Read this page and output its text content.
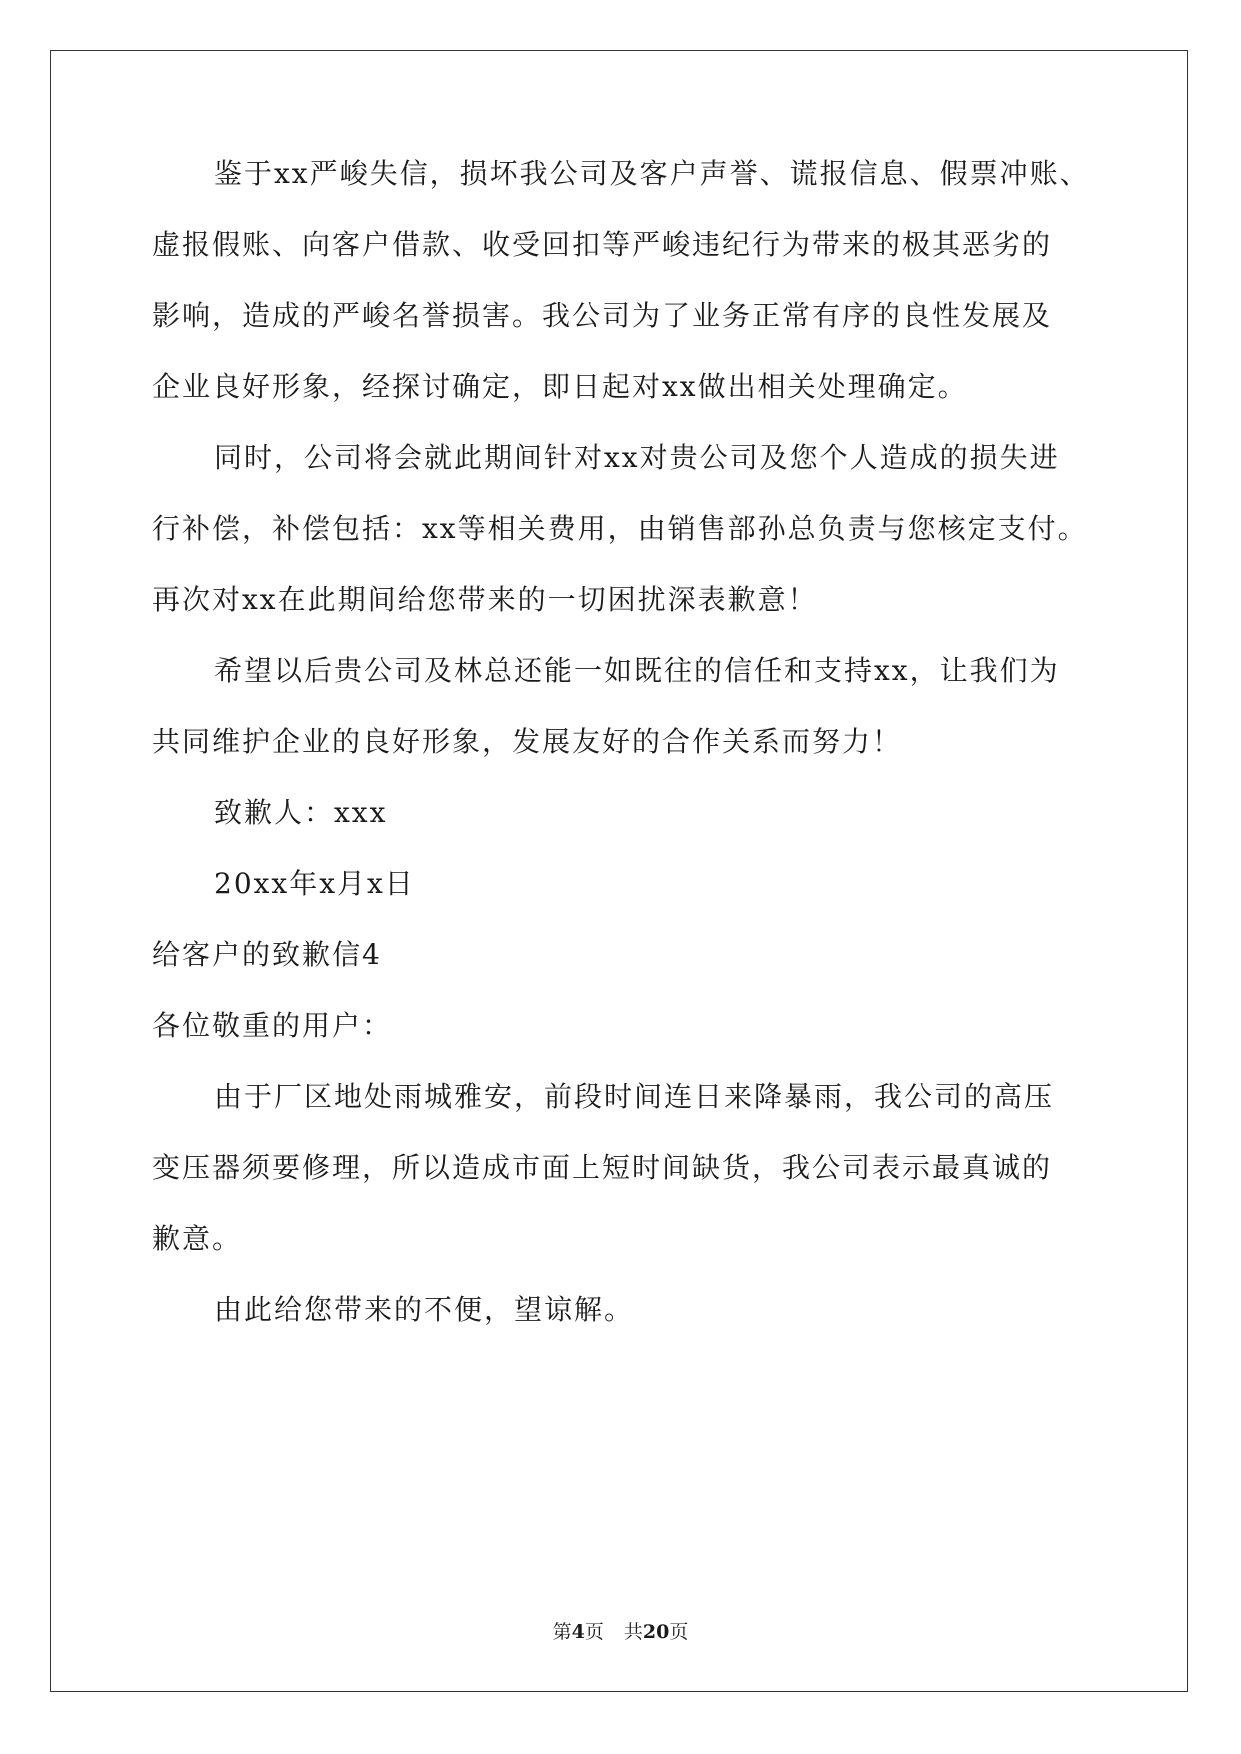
鉴于xx严峻失信，损坏我公司及客户声誉、谎报信息、假票冲账、
虚报假账、向客户借款、收受回扣等严峻违纪行为带来的极其恶劣的
影响，造成的严峻名誉损害。我公司为了业务正常有序的良性发展及
企业良好形象，经探讨确定，即日起对xx做出相关处理确定。
同时，公司将会就此期间针对xx对贵公司及您个人造成的损失进
行补偿，补偿包括：xx等相关费用，由销售部孙总负责与您核定支付。
再次对xx在此期间给您带来的一切困扰深表歉意！
希望以后贵公司及林总还能一如既往的信任和支持xx，让我们为
共同维护企业的良好形象，发展友好的合作关系而努力！
致歉人：xxx
20xx年x月x日
给客户的致歉信4
各位敬重的用户：
由于厂区地处雨城雅安，前段时间连日来降暴雨，我公司的高压
变压器须要修理，所以造成市面上短时间缺货，我公司表示最真诚的
歉意。
由此给您带来的不便，望谅解。
第4页 共20页
